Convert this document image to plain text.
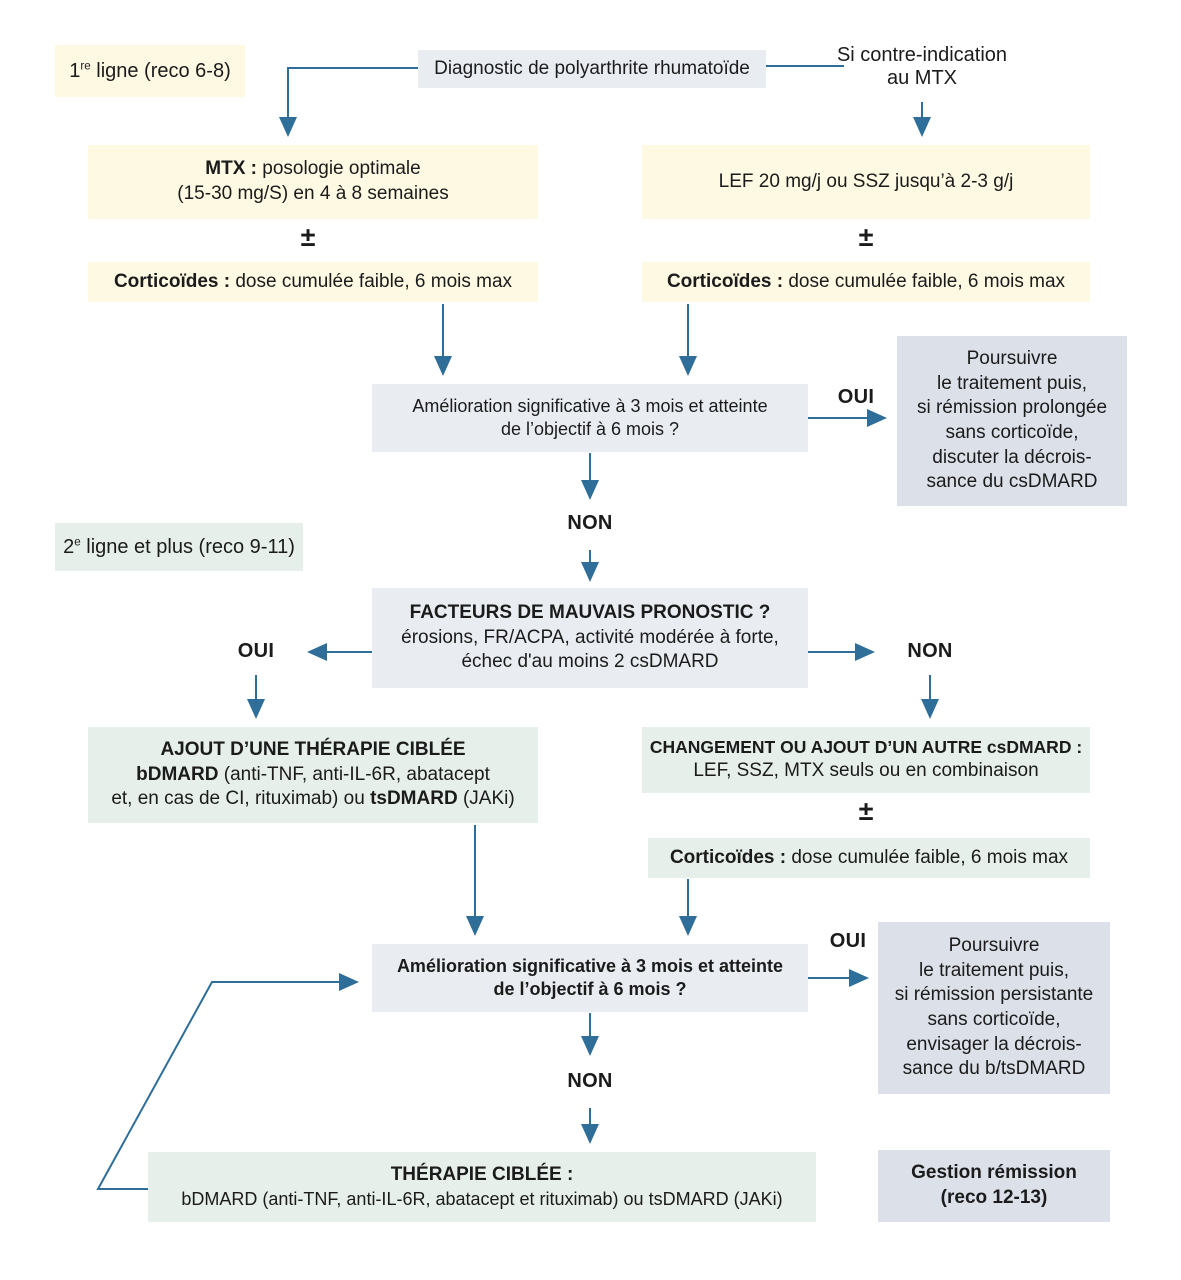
1re ligne (reco 6-8)
2e ligne et plus (reco 9-11)
Diagnostic de polyarthrite rhumatoïde
Si contre-indication
au MTX
MTX : posologie optimale
(15-30 mg/S) en 4 à 8 semaines
±
Corticoïdes : dose cumulée faible, 6 mois max
LEF 20 mg/j ou SSZ jusqu’à 2-3 g/j
±
Corticoïdes : dose cumulée faible, 6 mois max
Amélioration significative à 3 mois et atteinte
de l’objectif à 6 mois ?
OUI
NON
Poursuivre
le traitement puis,
si rémission prolongée
sans corticoïde,
discuter la décrois-
sance du csDMARD
FACTEURS DE MAUVAIS PRONOSTIC ?
érosions, FR/ACPA, activité modérée à forte,
échec d'au moins 2 csDMARD
OUI	NON
AJOUT D’UNE THÉRAPIE CIBLÉE
bDMARD (anti-TNF, anti-IL-6R, abatacept
et, en cas de CI, rituximab) ou tsDMARD (JAKi)
CHANGEMENT OU AJOUT D’UN AUTRE csDMARD :
LEF, SSZ, MTX seuls ou en combinaison
±
Corticoïdes : dose cumulée faible, 6 mois max
Amélioration significative à 3 mois et atteinte
de l’objectif à 6 mois ?
OUI
NON
Poursuivre
le traitement puis,
si rémission persistante
sans corticoïde,
envisager la décrois-
sance du b/tsDMARD
THÉRAPIE CIBLÉE :
bDMARD (anti-TNF, anti-IL-6R, abatacept et rituximab) ou tsDMARD (JAKi)
Gestion rémission
(reco 12-13)
